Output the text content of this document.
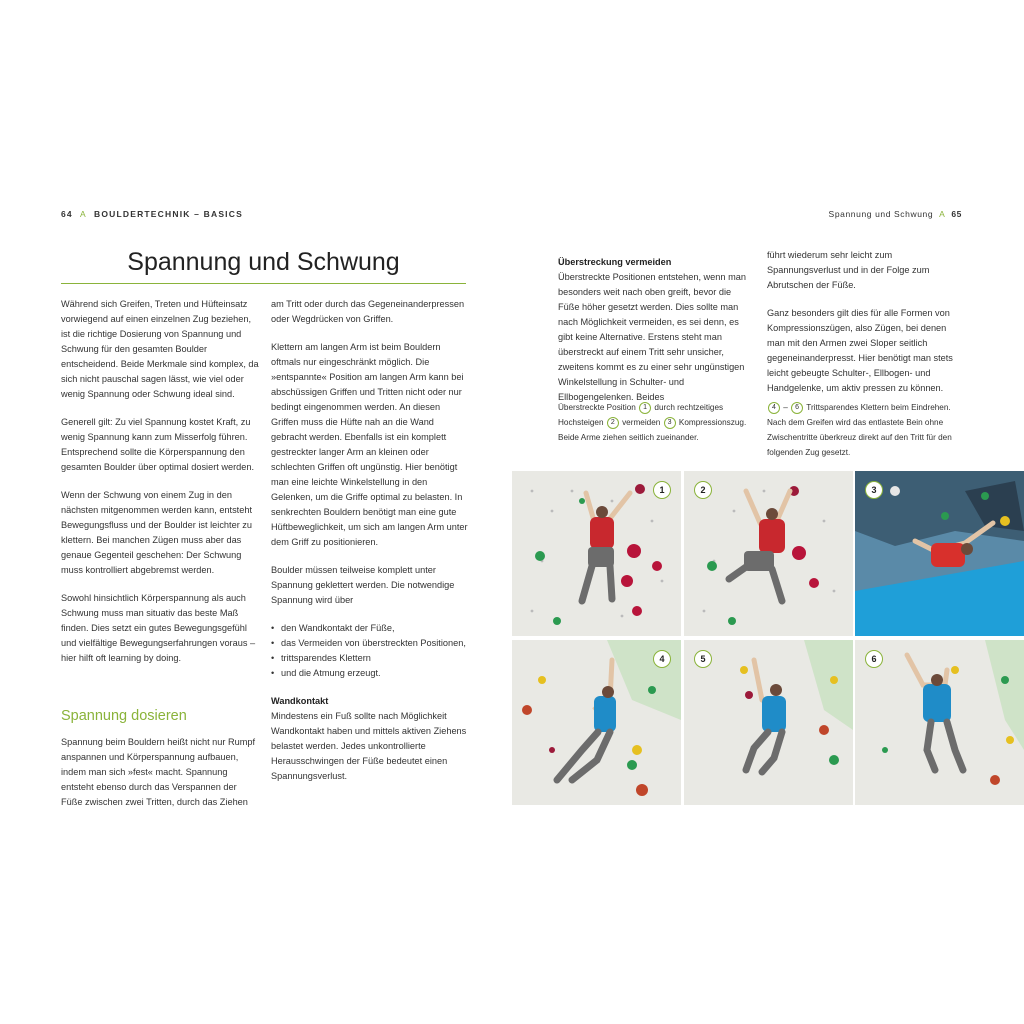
64 A BOULDERTECHNIK – BASICS	Spannung und Schwung A 65
Spannung und Schwung

Während sich Greifen, Treten und Hüfteinsatz vorwiegend auf einen einzelnen Zug beziehen, ist die richtige Dosierung von Spannung und Schwung für den gesamten Boulder entscheidend. Beide Merkmale sind komplex, da sich nicht pauschal sagen lässt, wie viel oder wenig Spannung oder Schwung ideal sind.

Generell gilt: Zu viel Spannung kostet Kraft, zu wenig Spannung kann zum Misserfolg führen. Entsprechend sollte die Körperspannung den gesamten Boulder über optimal dosiert werden.

Wenn der Schwung von einem Zug in den nächsten mitgenommen werden kann, entsteht Bewegungsfluss und der Boulder ist leichter zu klettern. Bei manchen Zügen muss aber das genaue Gegenteil geschehen: Der Schwung muss kontrolliert abgebremst werden.

Sowohl hinsichtlich Körperspannung als auch Schwung muss man situativ das beste Maß finden. Dies setzt ein gutes Bewegungsgefühl und vielfältige Bewegungserfahrungen voraus – hier hilft oft learning by doing.

Spannung dosieren

Spannung beim Bouldern heißt nicht nur Rumpf anspannen und Körperspannung aufbauen, indem man sich »fest« macht. Spannung entsteht ebenso durch das Verspannen der Füße zwischen zwei Tritten, durch das Ziehen

am Tritt oder durch das Gegeneinanderpressen oder Wegdrücken von Griffen.

Klettern am langen Arm ist beim Bouldern oftmals nur eingeschränkt möglich. Die »entspannte« Position am langen Arm kann bei abschüssigen Griffen und Tritten nicht oder nur bedingt eingenommen werden. An diesen Griffen muss die Hüfte nah an die Wand gebracht werden. Ebenfalls ist ein komplett gestreckter langer Arm an kleinen oder schlechten Griffen oft ungünstig. Hier benötigt man eine leichte Winkelstellung in den Gelenken, um die Griffe optimal zu belasten. In senkrechten Bouldern benötigt man eine gute Hüftbeweglichkeit, um sich am langen Arm unter dem Griff zu positionieren.

Boulder müssen teilweise komplett unter Spannung geklettert werden. Die notwendige Spannung wird über

• den Wandkontakt der Füße,
• das Vermeiden von überstreckten Positionen,
• trittsparendes Klettern
• und die Atmung erzeugt.
Wandkontakt

Mindestens ein Fuß sollte nach Möglichkeit Wandkontakt haben und mittels aktiven Ziehens belastet werden. Jedes unkontrollierte Herausschwingen der Füße bedeutet einen Spannungsverlust.

Überstreckung vermeiden

Überstreckte Positionen entstehen, wenn man besonders weit nach oben greift, bevor die Füße höher gesetzt werden. Dies sollte man nach Möglichkeit vermeiden, es sei denn, es gibt keine Alternative. Erstens steht man überstreckt auf einem Tritt sehr unsicher, zweitens kommt es zu einer sehr ungünstigen Winkelstellung in Schulter- und Ellbogengelenken. Beides

Überstreckte Position 1 durch rechtzeitiges Hochsteigen 2 vermeiden 3 Kompressionszug. Beide Arme ziehen seitlich zueinander.

führt wiederum sehr leicht zum Spannungsverlust und in der Folge zum Abrutschen der Füße.

Ganz besonders gilt dies für alle Formen von Kompressionszügen, also Zügen, bei denen man mit den Armen zwei Sloper seitlich gegeneinanderpresst. Hier benötigt man stets leicht gebeugte Schulter-, Ellbogen- und Handgelenke, um aktiv pressen zu können.

4 – 6 Trittsparendes Klettern beim Eindrehen. Nach dem Greifen wird das entlastete Bein ohne Zwischentritte überkreuz direkt auf den Tritt für den folgenden Zug gesetzt.
1	2	3
4	5	6
